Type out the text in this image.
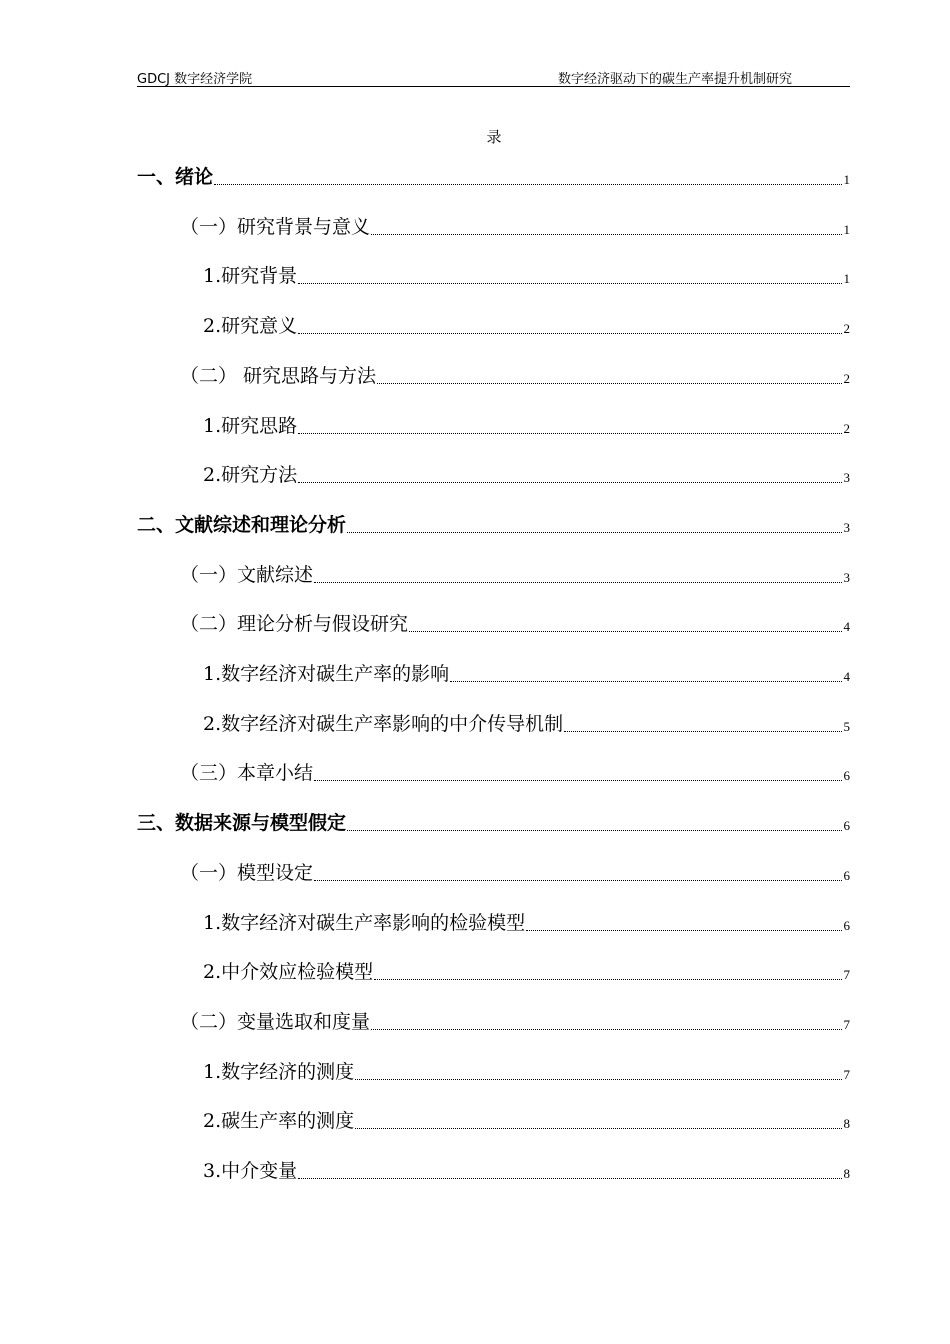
GDCJ 数字经济学院	数字经济驱动下的碳生产率提升机制研究
录
一、绪论	1
（一）研究背景与意义	1
1.研究背景	1
2.研究意义	2
（二） 研究思路与方法	2
1.研究思路	2
2.研究方法	3
二、文献综述和理论分析	3
（一）文献综述	3
（二）理论分析与假设研究	4
1.数字经济对碳生产率的影响	4
2.数字经济对碳生产率影响的中介传导机制	5
（三）本章小结	6
三、数据来源与模型假定	6
（一）模型设定	6
1.数字经济对碳生产率影响的检验模型	6
2.中介效应检验模型	7
（二）变量选取和度量	7
1.数字经济的测度	7
2.碳生产率的测度	8
3.中介变量	8
